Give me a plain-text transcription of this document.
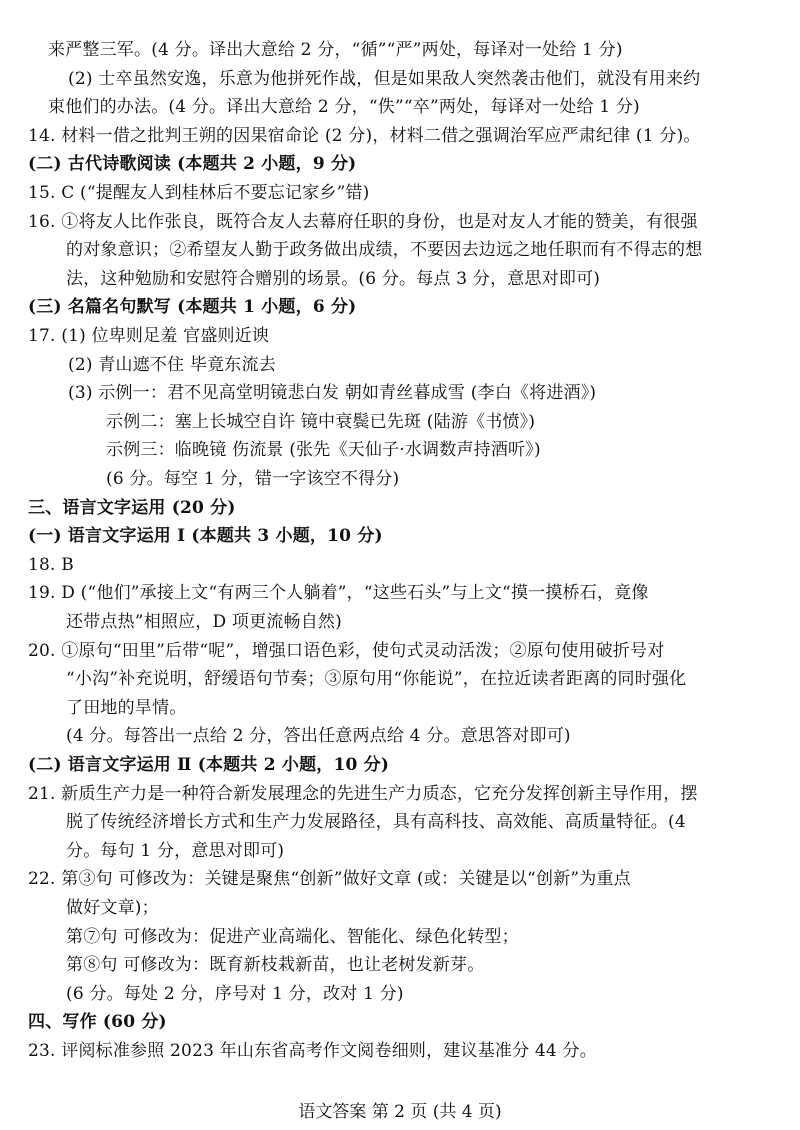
来严整三军。(4 分。译出大意给 2 分，“循”“严”两处，每译对一处给 1 分)
(2) 士卒虽然安逸，乐意为他拼死作战，但是如果敌人突然袭击他们，就没有用来约
束他们的办法。(4 分。译出大意给 2 分，“佚”“卒”两处，每译对一处给 1 分)
14. 材料一借之批判王朔的因果宿命论 (2 分)，材料二借之强调治军应严肃纪律 (1 分)。
(二) 古代诗歌阅读 (本题共 2 小题，9 分)
15. C (“提醒友人到桂林后不要忘记家乡”错)
16. ①将友人比作张良，既符合友人去幕府任职的身份，也是对友人才能的赞美，有很强
的对象意识；②希望友人勤于政务做出成绩，不要因去边远之地任职而有不得志的想
法，这种勉励和安慰符合赠别的场景。(6 分。每点 3 分，意思对即可)
(三) 名篇名句默写 (本题共 1 小题，6 分)
17. (1) 位卑则足羞 官盛则近谀
(2) 青山遮不住 毕竟东流去
(3) 示例一：君不见高堂明镜悲白发 朝如青丝暮成雪 (李白《将进酒》)
示例二：塞上长城空自许 镜中衰鬓已先斑 (陆游《书愤》)
示例三：临晚镜 伤流景 (张先《天仙子·水调数声持酒听》)
(6 分。每空 1 分，错一字该空不得分)
三、语言文字运用 (20 分)
(一) 语言文字运用 I (本题共 3 小题，10 分)
18. B
19. D (“他们”承接上文“有两三个人躺着”，“这些石头”与上文“摸一摸桥石，竟像
还带点热”相照应，D 项更流畅自然)
20. ①原句“田里”后带“呢”，增强口语色彩，使句式灵动活泼；②原句使用破折号对
“小沟”补充说明，舒缓语句节奏；③原句用“你能说”，在拉近读者距离的同时强化
了田地的旱情。
(4 分。每答出一点给 2 分，答出任意两点给 4 分。意思答对即可)
(二) 语言文字运用 Ⅱ (本题共 2 小题，10 分)
21. 新质生产力是一种符合新发展理念的先进生产力质态，它充分发挥创新主导作用，摆
脱了传统经济增长方式和生产力发展路径，具有高科技、高效能、高质量特征。(4
分。每句 1 分，意思对即可)
22. 第③句 可修改为：关键是聚焦“创新”做好文章 (或：关键是以“创新”为重点
做好文章)；
第⑦句 可修改为：促进产业高端化、智能化、绿色化转型；
第⑧句 可修改为：既育新枝栽新苗，也让老树发新芽。
(6 分。每处 2 分，序号对 1 分，改对 1 分)
四、写作 (60 分)
23. 评阅标准参照 2023 年山东省高考作文阅卷细则，建议基准分 44 分。
语文答案 第 2 页 (共 4 页)
